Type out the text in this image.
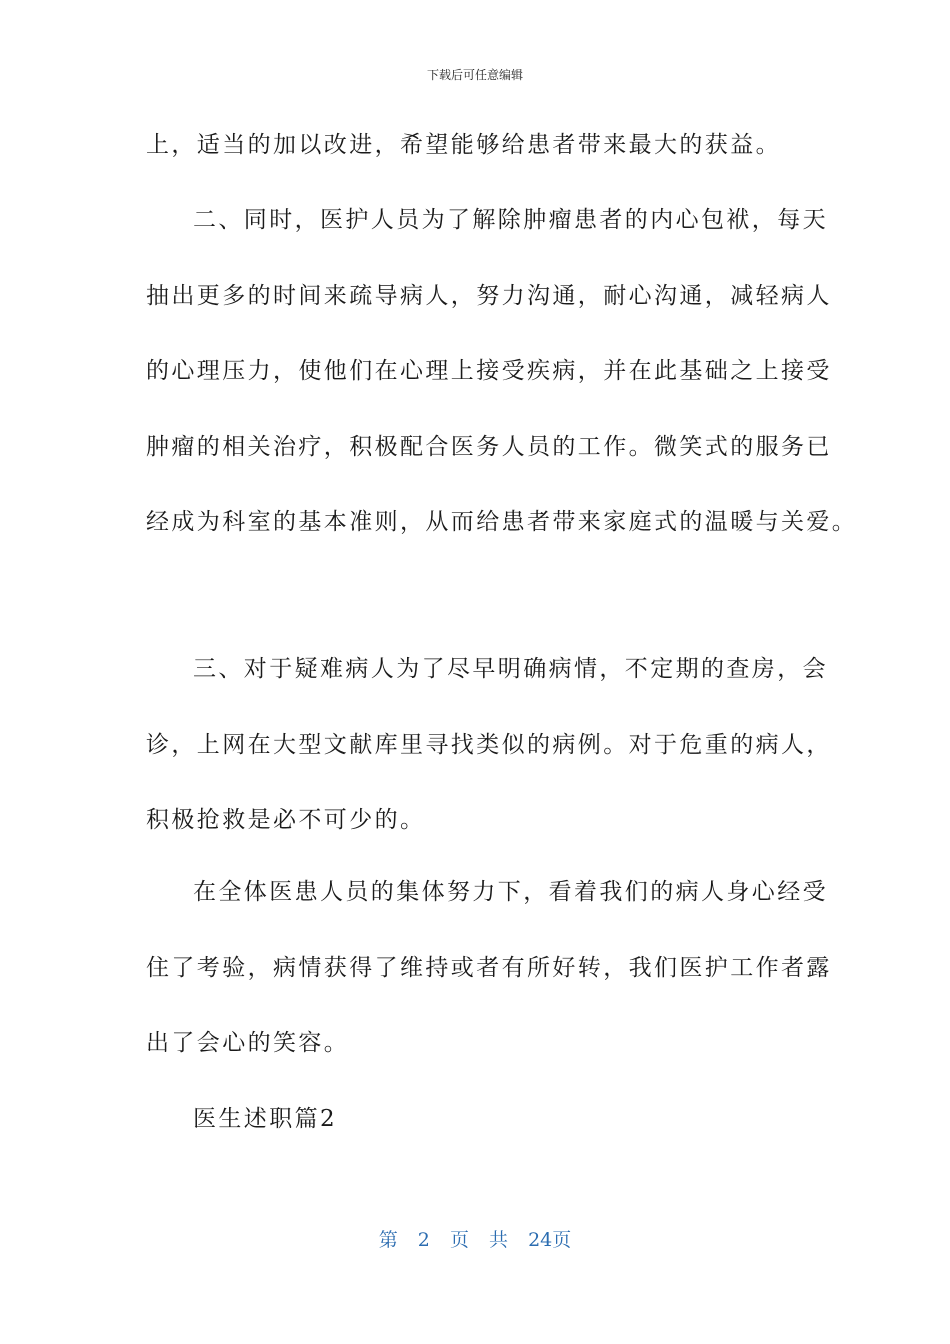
下载后可任意编辑
上，适当的加以改进，希望能够给患者带来最大的获益。
二、同时，医护人员为了解除肿瘤患者的内心包袱，每天
抽出更多的时间来疏导病人，努力沟通，耐心沟通，减轻病人
的心理压力，使他们在心理上接受疾病，并在此基础之上接受
肿瘤的相关治疗，积极配合医务人员的工作。微笑式的服务已
经成为科室的基本准则，从而给患者带来家庭式的温暖与关爱。
三、对于疑难病人为了尽早明确病情，不定期的查房，会
诊，上网在大型文献库里寻找类似的病例。对于危重的病人，
积极抢救是必不可少的。
在全体医患人员的集体努力下，看着我们的病人身心经受
住了考验，病情获得了维持或者有所好转，我们医护工作者露
出了会心的笑容。
医生述职篇2
第 2 页 共 24页
